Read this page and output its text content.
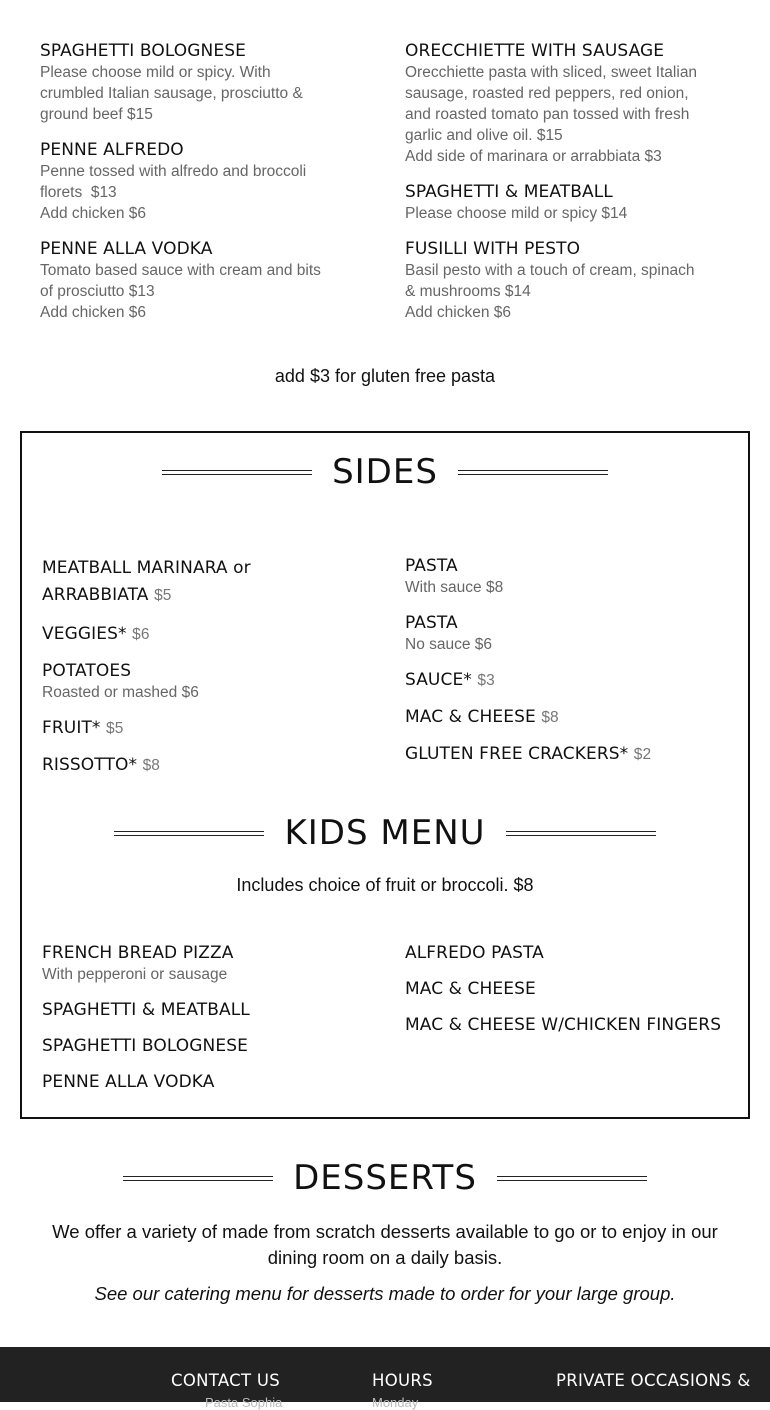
SPAGHETTI BOLOGNESE
Please choose mild or spicy. With
crumbled Italian sausage, prosciutto &
ground beef $15
PENNE ALFREDO
Penne tossed with alfredo and broccoli
florets  $13
Add chicken $6
PENNE ALLA VODKA
Tomato based sauce with cream and bits
of prosciutto $13
Add chicken $6
ORECCHIETTE WITH SAUSAGE
Orecchiette pasta with sliced, sweet Italian
sausage, roasted red peppers, red onion,
and roasted tomato pan tossed with fresh
garlic and olive oil. $15
Add side of marinara or arrabbiata $3
SPAGHETTI & MEATBALL
Please choose mild or spicy $14
FUSILLI WITH PESTO
Basil pesto with a touch of cream, spinach
& mushrooms $14
Add chicken $6
add $3 for gluten free pasta
SIDES
MEATBALL MARINARA or
ARRABBIATA $5
VEGGIES* $6
POTATOES
Roasted or mashed $6
FRUIT* $5
RISSOTTO* $8
PASTA
With sauce $8
PASTA
No sauce $6
SAUCE* $3
MAC & CHEESE $8
GLUTEN FREE CRACKERS* $2
KIDS MENU
Includes choice of fruit or broccoli. $8
FRENCH BREAD PIZZA
With pepperoni or sausage
SPAGHETTI & MEATBALL
SPAGHETTI BOLOGNESE
PENNE ALLA VODKA
ALFREDO PASTA
MAC & CHEESE
MAC & CHEESE W/CHICKEN FINGERS
DESSERTS
We offer a variety of made from scratch desserts available to go or to enjoy in our dining room on a daily basis.
See our catering menu for desserts made to order for your large group.
CONTACT US	HOURS	PRIVATE OCCASIONS &
Pasta Sophia	Monday
